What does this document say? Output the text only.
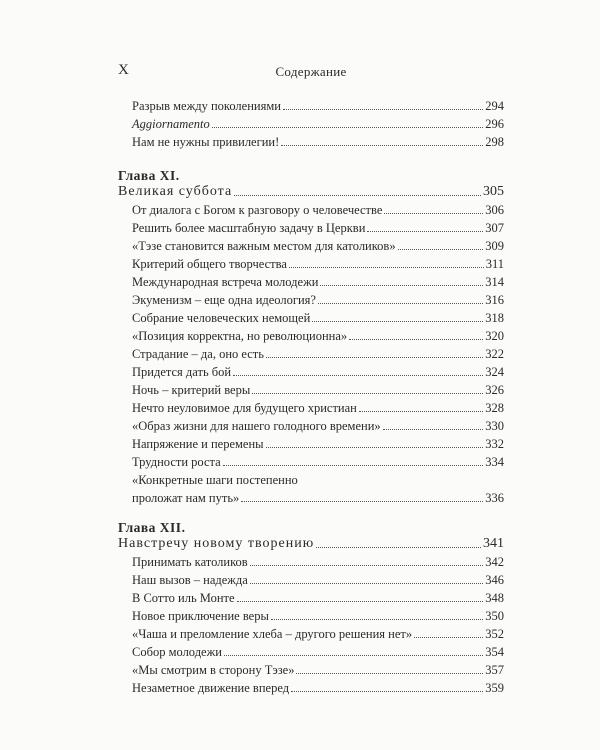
X	Содержание
Разрыв между поколениями	294
Aggiornamento	296
Нам не нужны привилегии!	298
Глава XI.
Великая суббота	305
От диалога с Богом к разговору о человечестве	306
Решить более масштабную задачу в Церкви	307
«Тэзе становится важным местом для католиков»	309
Критерий общего творчества	311
Международная встреча молодежи	314
Экуменизм – еще одна идеология?	316
Собрание человеческих немощей	318
«Позиция корректна, но революционна»	320
Страдание – да, оно есть	322
Придется дать бой	324
Ночь – критерий веры	326
Нечто неуловимое для будущего христиан	328
«Образ жизни для нашего голодного времени»	330
Напряжение и перемены	332
Трудности роста	334
«Конкретные шаги постепенно
проложат нам путь»	336
Глава XII.
Навстречу новому творению	341
Принимать католиков	342
Наш вызов – надежда	346
В Сотто иль Монте	348
Новое приключение веры	350
«Чаша и преломление хлеба – другого решения нет»	352
Собор молодежи	354
«Мы смотрим в сторону Тэзе»	357
Незаметное движение вперед	359
